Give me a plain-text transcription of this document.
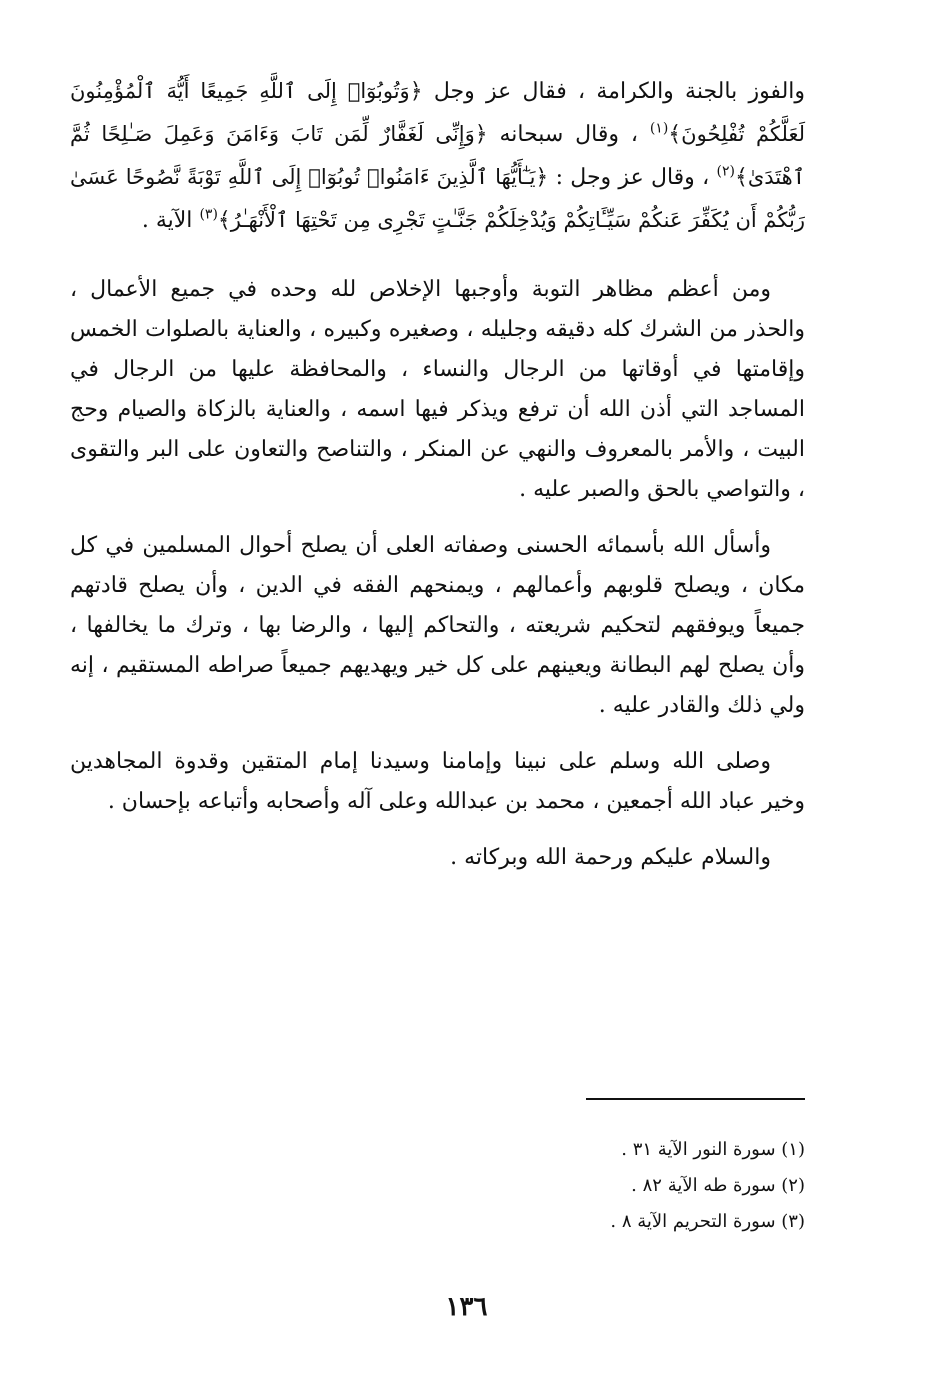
والفوز بالجنة والكرامة ، فقال عز وجل ﴿وَتُوبُوٓا۟ إِلَى ٱللَّهِ جَمِيعًا أَيُّهَ ٱلْمُؤْمِنُونَ لَعَلَّكُمْ تُفْلِحُونَ﴾$^{(١)}$ ، وقال سبحانه ﴿وَإِنِّى لَغَفَّارٌ لِّمَن تَابَ وَءَامَنَ وَعَمِلَ صَـٰلِحًا ثُمَّ ٱهْتَدَىٰ﴾$^{(٢)}$ ، وقال عز وجل : ﴿يَـٰٓأَيُّهَا ٱلَّذِينَ ءَامَنُوا۟ تُوبُوٓا۟ إِلَى ٱللَّهِ تَوْبَةً نَّصُوحًا عَسَىٰ رَبُّكُمْ أَن يُكَفِّرَ عَنكُمْ سَيِّـَٔاتِكُمْ وَيُدْخِلَكُمْ جَنَّـٰتٍ تَجْرِى مِن تَحْتِهَا ٱلْأَنْهَـٰرُ﴾$^{(٣)}$ الآية .

ومن أعظم مظاهر التوبة وأوجبها الإخلاص لله وحده في جميع الأعمال ، والحذر من الشرك كله دقيقه وجليله ، وصغيره وكبيره ، والعناية بالصلوات الخمس وإقامتها في أوقاتها من الرجال والنساء ، والمحافظة عليها من الرجال في المساجد التي أذن الله أن ترفع ويذكر فيها اسمه ، والعناية بالزكاة والصيام وحج البيت ، والأمر بالمعروف والنهي عن المنكر ، والتناصح والتعاون على البر والتقوى ، والتواصي بالحق والصبر عليه .

وأسأل الله بأسمائه الحسنى وصفاته العلى أن يصلح أحوال المسلمين في كل مكان ، ويصلح قلوبهم وأعمالهم ، ويمنحهم الفقه في الدين ، وأن يصلح قادتهم جميعاً ويوفقهم لتحكيم شريعته ، والتحاكم إليها ، والرضا بها ، وترك ما يخالفها ، وأن يصلح لهم البطانة ويعينهم على كل خير ويهديهم جميعاً صراطه المستقيم ، إنه ولي ذلك والقادر عليه .

وصلى الله وسلم على نبينا وإمامنا وسيدنا إمام المتقين وقدوة المجاهدين وخير عباد الله أجمعين ، محمد بن عبدالله وعلى آله وأصحابه وأتباعه بإحسان .

والسلام عليكم ورحمة الله وبركاته .

(١) سورة النور الآية ٣١ .
(٢) سورة طه الآية ٨٢ .
(٣) سورة التحريم الآية ٨ .
١٣٦
